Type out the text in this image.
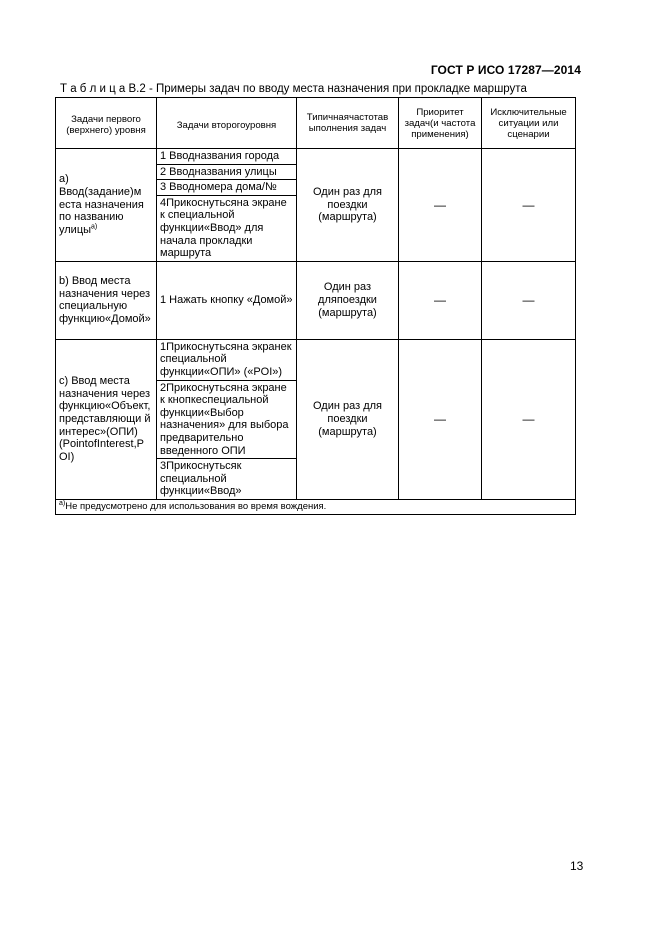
ГОСТ Р ИСО 17287—2014
Т а б л и ц а В.2 - Примеры задач по вводу места назначения при прокладке маршрута
Задачи первого (верхнего) уровня	Задачи второгоуровня	Типичнаячастотав ыполнения задач	Приоритет задач(и частота применения)	Исключительные ситуации или сценарии
а) Ввод(задание)м еста назначения по названию улицы$^{а)}$	1 Вводназвания города	Один раз для поездки (маршрута)	—	—
	2 Вводназвания улицы			
	3 Вводномера дома/№			
	4Прикоснутьсяна экране к специальной функции«Ввод» для начала прокладки маршрута			
b) Ввод места назначения через специальную функцию«Домой»	1 Нажать кнопку «Домой»	Один раз дляпоездки (маршрута)	—	—
с) Ввод места назначения через функцию«Объект, представляющи й интерес»(ОПИ) (PointofInterest,P OI)	1Прикоснутьсяна экранек специальной функции«ОПИ» («POI»)	Один раз для поездки (маршрута)	—	—
	2Прикоснутьсяна экране к кнопкеспециальной функции«Выбор назначения» для выбора предварительно введенного ОПИ			
	3Прикоснутьсяк специальной функции«Ввод»			
$^{а)}$Не предусмотрено для использования во время вождения.				
13
